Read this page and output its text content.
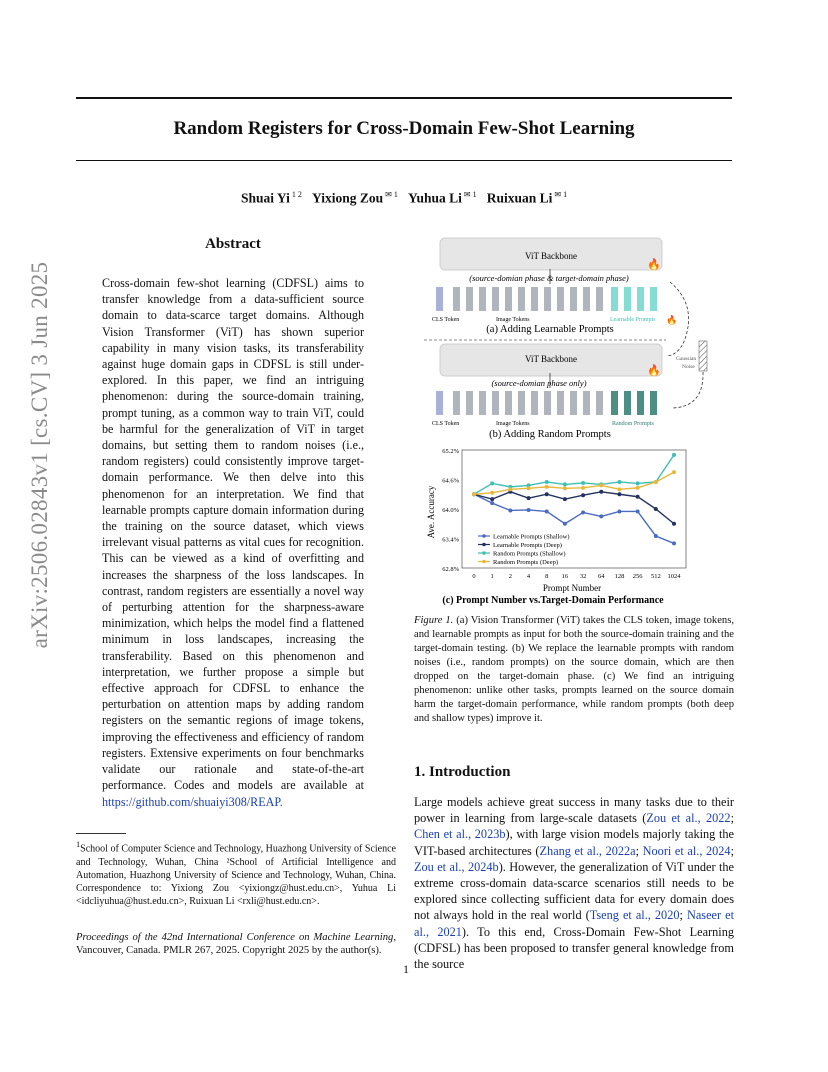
Random Registers for Cross-Domain Few-Shot Learning
Shuai Yi $^{1 2}$ Yixiong Zou $^{✉ 1}$ Yuhua Li $^{✉ 1}$ Ruixuan Li $^{✉ 1}$
arXiv:2506.02843v1 [cs.CV] 3 Jun 2025
Abstract

Cross-domain few-shot learning (CDFSL) aims to transfer knowledge from a data-sufficient source domain to data-scarce target domains. Although Vision Transformer (ViT) has shown superior capability in many vision tasks, its transferability against huge domain gaps in CDFSL is still under-explored. In this paper, we find an intriguing phenomenon: during the source-domain training, prompt tuning, as a common way to train ViT, could be harmful for the generalization of ViT in target domains, but setting them to random noises (i.e., random registers) could consistently improve target-domain performance. We then delve into this phenomenon for an interpretation. We find that learnable prompts capture domain information during the training on the source dataset, which views irrelevant visual patterns as vital cues for recognition. This can be viewed as a kind of overfitting and increases the sharpness of the loss landscapes. In contrast, random registers are essentially a novel way of perturbing attention for the sharpness-aware minimization, which helps the model find a flattened minimum in loss landscapes, increasing the transferability. Based on this phenomenon and interpretation, we further propose a simple but effective approach for CDFSL to enhance the perturbation on attention maps by adding random registers on the semantic regions of image tokens, improving the effectiveness and efficiency of random registers. Extensive experiments on four benchmarks validate our rationale and state-of-the-art performance. Codes and models are available at https://github.com/shuaiyi308/REAP.

$^1$School of Computer Science and Technology, Huazhong University of Science and Technology, Wuhan, China ²School of Artificial Intelligence and Automation, Huazhong University of Science and Technology, Wuhan, China. Correspondence to: Yixiong Zou <yixiongz@hust.edu.cn>, Yuhua Li <idcliyuhua@hust.edu.cn>, Ruixuan Li <rxli@hust.edu.cn>.

Proceedings of the 42nd International Conference on Machine Learning, Vancouver, Canada. PMLR 267, 2025. Copyright 2025 by the author(s).

ViT Backbone
🔥
(source-domian phase & target-domain phase)
CLS Token	Image Tokens	Learnable Prompts 🔥
(a) Adding Learnable Prompts
ViT Backbone
🔥
Gaussian
Noise
(source-domian phase only)
CLS Token	Image Tokens	Random Prompts
(b) Adding Random Prompts
Ave. Accuracy
Prompt Number
(c) Prompt Number vs.Target-Domain Performance
62.8%
63.4%
64.0%
64.6%
65.2%
0 1 2 4 8 16 32 64 128 256 512 1024
Learnable Prompts (Shallow)
Learnable Prompts (Deep)
Random Prompts (Shallow)
Random Prompts (Deep)

Figure 1. (a) Vision Transformer (ViT) takes the CLS token, image tokens, and learnable prompts as input for both the source-domain training and the target-domain testing. (b) We replace the learnable prompts with random noises (i.e., random prompts) on the source domain, which are then dropped on the target-domain phase. (c) We find an intriguing phenomenon: unlike other tasks, prompts learned on the source domain harm the target-domain performance, while random prompts (both deep and shallow types) improve it.

1. Introduction

Large models achieve great success in many tasks due to their power in learning from large-scale datasets (Zou et al., 2022; Chen et al., 2023b), with large vision models majorly taking the VIT-based architectures (Zhang et al., 2022a; Noori et al., 2024; Zou et al., 2024b). However, the generalization of ViT under the extreme cross-domain data-scarce scenarios still needs to be explored since collecting sufficient data for every domain does not always hold in the real world (Tseng et al., 2020; Naseer et al., 2021). To this end, Cross-Domain Few-Shot Learning (CDFSL) has been proposed to transfer general knowledge from the source

1
